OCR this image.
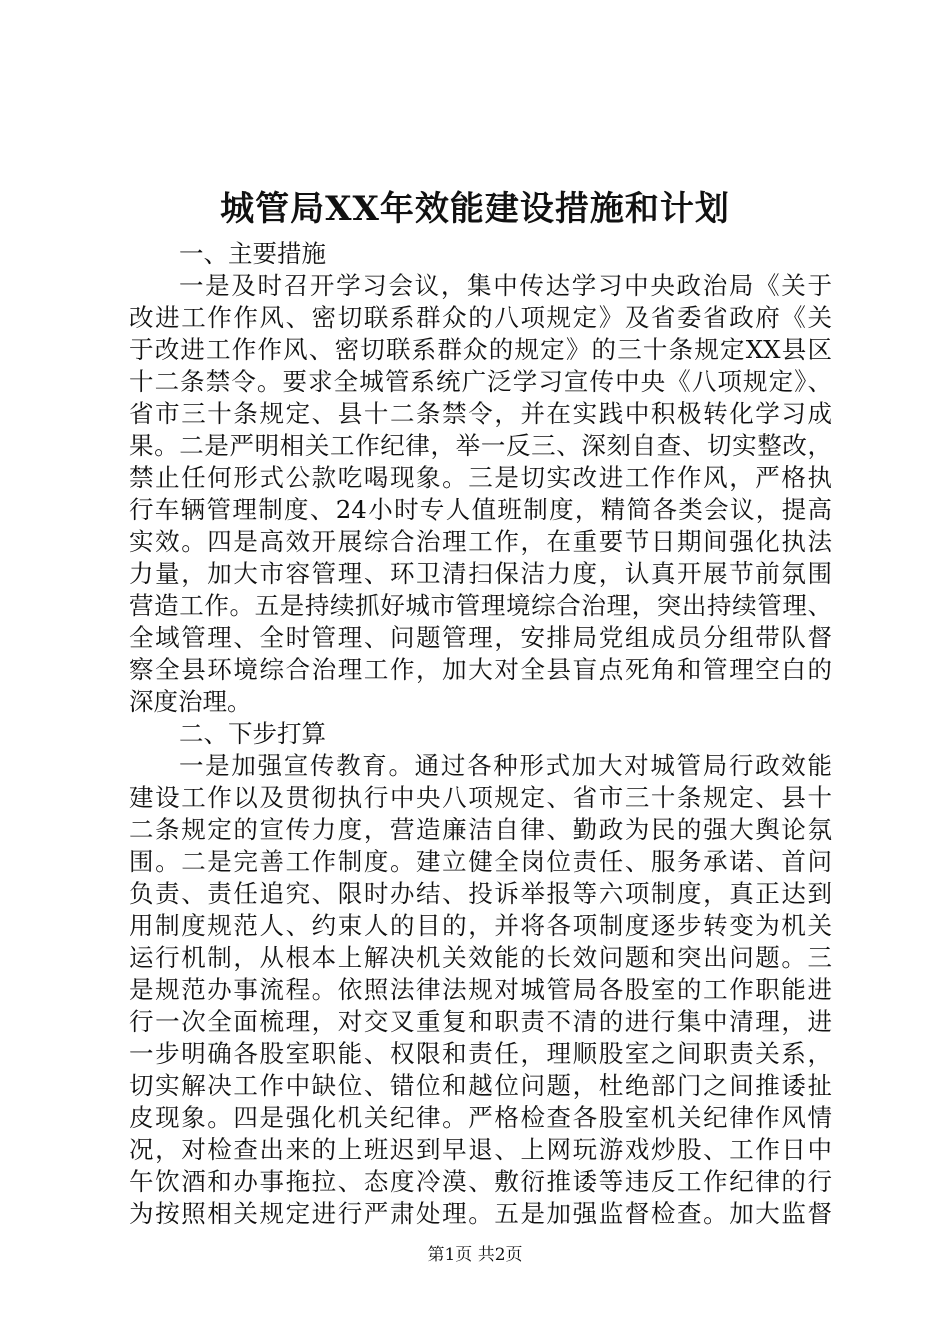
城管局XX年效能建设措施和计划
一、主要措施
一是及时召开学习会议，集中传达学习中央政治局《关于
改进工作作风、密切联系群众的八项规定》及省委省政府《关
于改进工作作风、密切联系群众的规定》的三十条规定XX县区
十二条禁令。要求全城管系统广泛学习宣传中央《八项规定》、
省市三十条规定、县十二条禁令，并在实践中积极转化学习成
果。二是严明相关工作纪律，举一反三、深刻自查、切实整改，
禁止任何形式公款吃喝现象。三是切实改进工作作风，严格执
行车辆管理制度、24小时专人值班制度，精简各类会议，提高
实效。四是高效开展综合治理工作，在重要节日期间强化执法
力量，加大市容管理、环卫清扫保洁力度，认真开展节前氛围
营造工作。五是持续抓好城市管理境综合治理，突出持续管理、
全域管理、全时管理、问题管理，安排局党组成员分组带队督
察全县环境综合治理工作，加大对全县盲点死角和管理空白的
深度治理。
二、下步打算
一是加强宣传教育。通过各种形式加大对城管局行政效能
建设工作以及贯彻执行中央八项规定、省市三十条规定、县十
二条规定的宣传力度，营造廉洁自律、勤政为民的强大舆论氛
围。二是完善工作制度。建立健全岗位责任、服务承诺、首问
负责、责任追究、限时办结、投诉举报等六项制度，真正达到
用制度规范人、约束人的目的，并将各项制度逐步转变为机关
运行机制，从根本上解决机关效能的长效问题和突出问题。三
是规范办事流程。依照法律法规对城管局各股室的工作职能进
行一次全面梳理，对交叉重复和职责不清的进行集中清理，进
一步明确各股室职能、权限和责任，理顺股室之间职责关系，
切实解决工作中缺位、错位和越位问题，杜绝部门之间推诿扯
皮现象。四是强化机关纪律。严格检查各股室机关纪律作风情
况，对检查出来的上班迟到早退、上网玩游戏炒股、工作日中
午饮酒和办事拖拉、态度冷漠、敷衍推诿等违反工作纪律的行
为按照相关规定进行严肃处理。五是加强监督检查。加大监督
第1页 共2页
